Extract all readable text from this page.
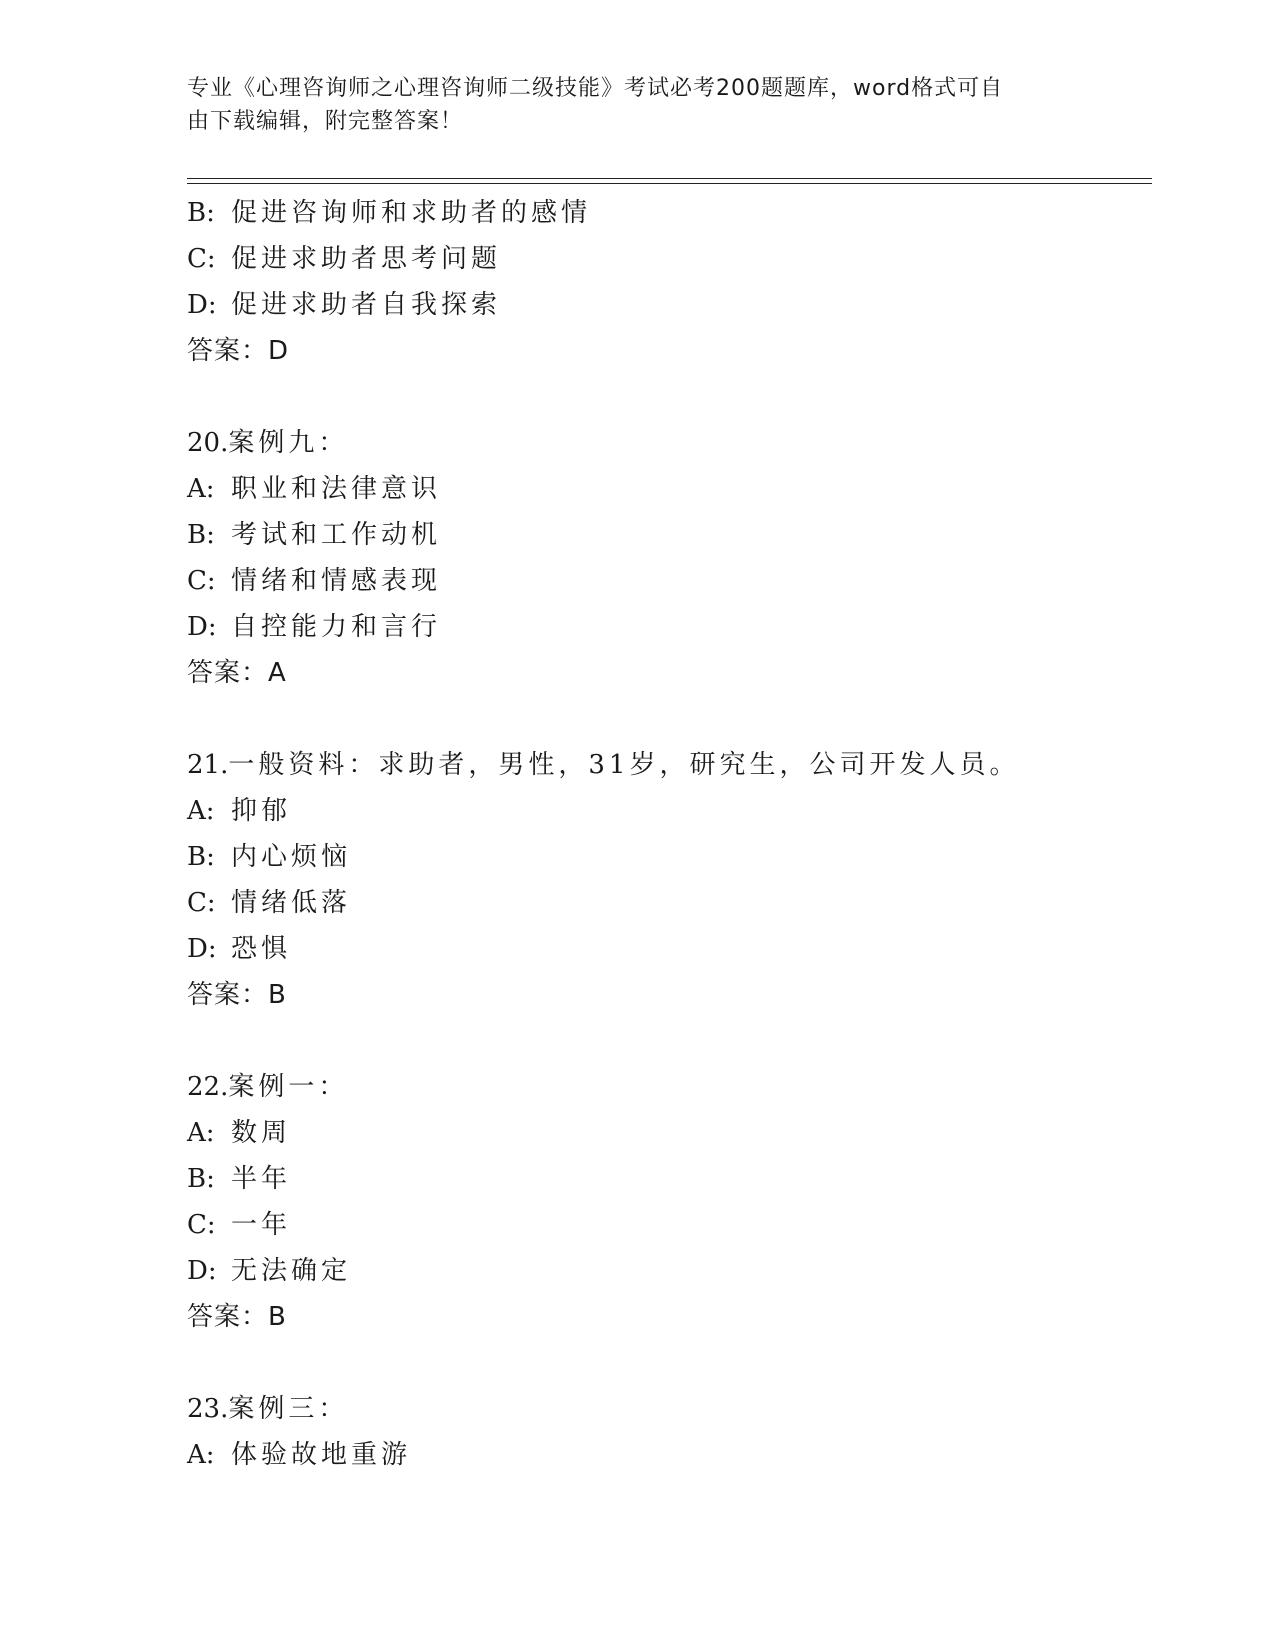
专业《心理咨询师之心理咨询师二级技能》考试必考200题题库，word格式可自
由下载编辑，附完整答案！
B: 促进咨询师和求助者的感情
C: 促进求助者思考问题
D: 促进求助者自我探索
答案：D
20.案例九：
A: 职业和法律意识
B: 考试和工作动机
C: 情绪和情感表现
D: 自控能力和言行
答案：A
21.一般资料：求助者，男性，31岁，研究生，公司开发人员。
A: 抑郁
B: 内心烦恼
C: 情绪低落
D: 恐惧
答案：B
22.案例一：
A: 数周
B: 半年
C: 一年
D: 无法确定
答案：B
23.案例三：
A: 体验故地重游
